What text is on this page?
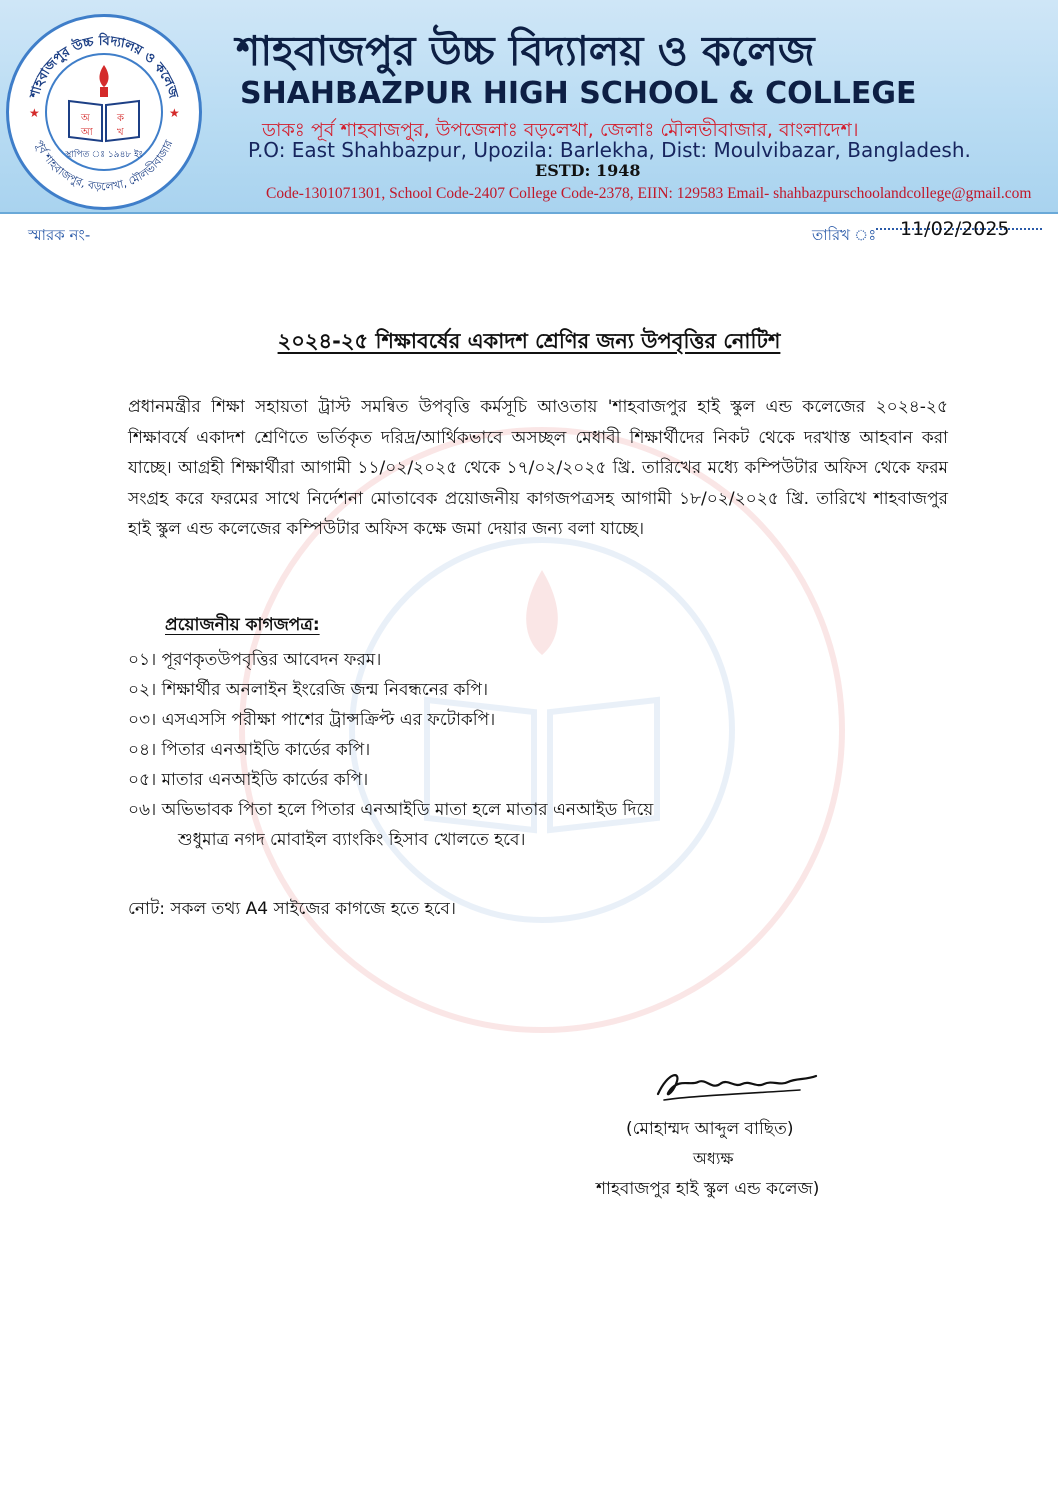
শাহবাজপুর উচ্চ বিদ্যালয় ও কলেজ
পূর্ব শাহবাজপুর, বড়লেখা, মৌলভীবাজার
অ	ক
আ খ
স্থাপিত ঃ ১৯৪৮ ইং
★	★
শাহবাজপুর উচ্চ বিদ্যালয় ও কলেজ
SHAHBAZPUR HIGH SCHOOL & COLLEGE
ডাকঃ পূর্ব শাহবাজপুর, উপজেলাঃ বড়লেখা, জেলাঃ মৌলভীবাজার, বাংলাদেশ।
P.O: East Shahbazpur, Upozila: Barlekha, Dist: Moulvibazar, Bangladesh.
ESTD: 1948
Code-1301071301, School Code-2407 College Code-2378, EIIN: 129583 Email- shahbazpurschoolandcollege@gmail.com
স্মারক নং-	তারিখ ঃ 11/02/2025
২০২৪-২৫ শিক্ষাবর্ষের একাদশ শ্রেণির জন্য উপবৃত্তির নোটিশ
প্রধানমন্ত্রীর শিক্ষা সহায়তা ট্রাস্ট সমন্বিত উপবৃত্তি কর্মসূচি আওতায় 'শাহবাজপুর হাই স্কুল এন্ড কলেজের ২০২৪-২৫ শিক্ষাবর্ষে একাদশ শ্রেণিতে ভর্তিকৃত দরিদ্র/আর্থিকভাবে অসচ্ছল মেধাবী শিক্ষার্থীদের নিকট থেকে দরখাস্ত আহবান করা যাচ্ছে। আগ্রহী শিক্ষার্থীরা আগামী ১১/০২/২০২৫ থেকে ১৭/০২/২০২৫ খ্রি. তারিখের মধ্যে কম্পিউটার অফিস থেকে ফরম সংগ্রহ করে ফরমের সাথে নির্দেশনা মোতাবেক প্রয়োজনীয় কাগজপত্রসহ আগামী ১৮/০২/২০২৫ খ্রি. তারিখে শাহবাজপুর হাই স্কুল এন্ড কলেজের কম্পিউটার অফিস কক্ষে জমা দেয়ার জন্য বলা যাচ্ছে।
প্রয়োজনীয় কাগজপত্র:
০১। পূরণকৃতউপবৃত্তির আবেদন ফরম।
০২। শিক্ষার্থীর অনলাইন ইংরেজি জন্ম নিবন্ধনের কপি।
০৩। এসএসসি পরীক্ষা পাশের ট্রান্সক্রিপ্ট এর ফটোকপি।
০৪। পিতার এনআইডি কার্ডের কপি।
০৫। মাতার এনআইডি কার্ডের কপি।
০৬। অভিভাবক পিতা হলে পিতার এনআইডি মাতা হলে মাতার এনআইড দিয়ে
শুধুমাত্র নগদ মোবাইল ব্যাংকিং হিসাব খোলতে হবে।
নোট: সকল তথ্য A4 সাইজের কাগজে হতে হবে।
(মোহাম্মদ আব্দুল বাছিত)
অধ্যক্ষ
শাহবাজপুর হাই স্কুল এন্ড কলেজ)
